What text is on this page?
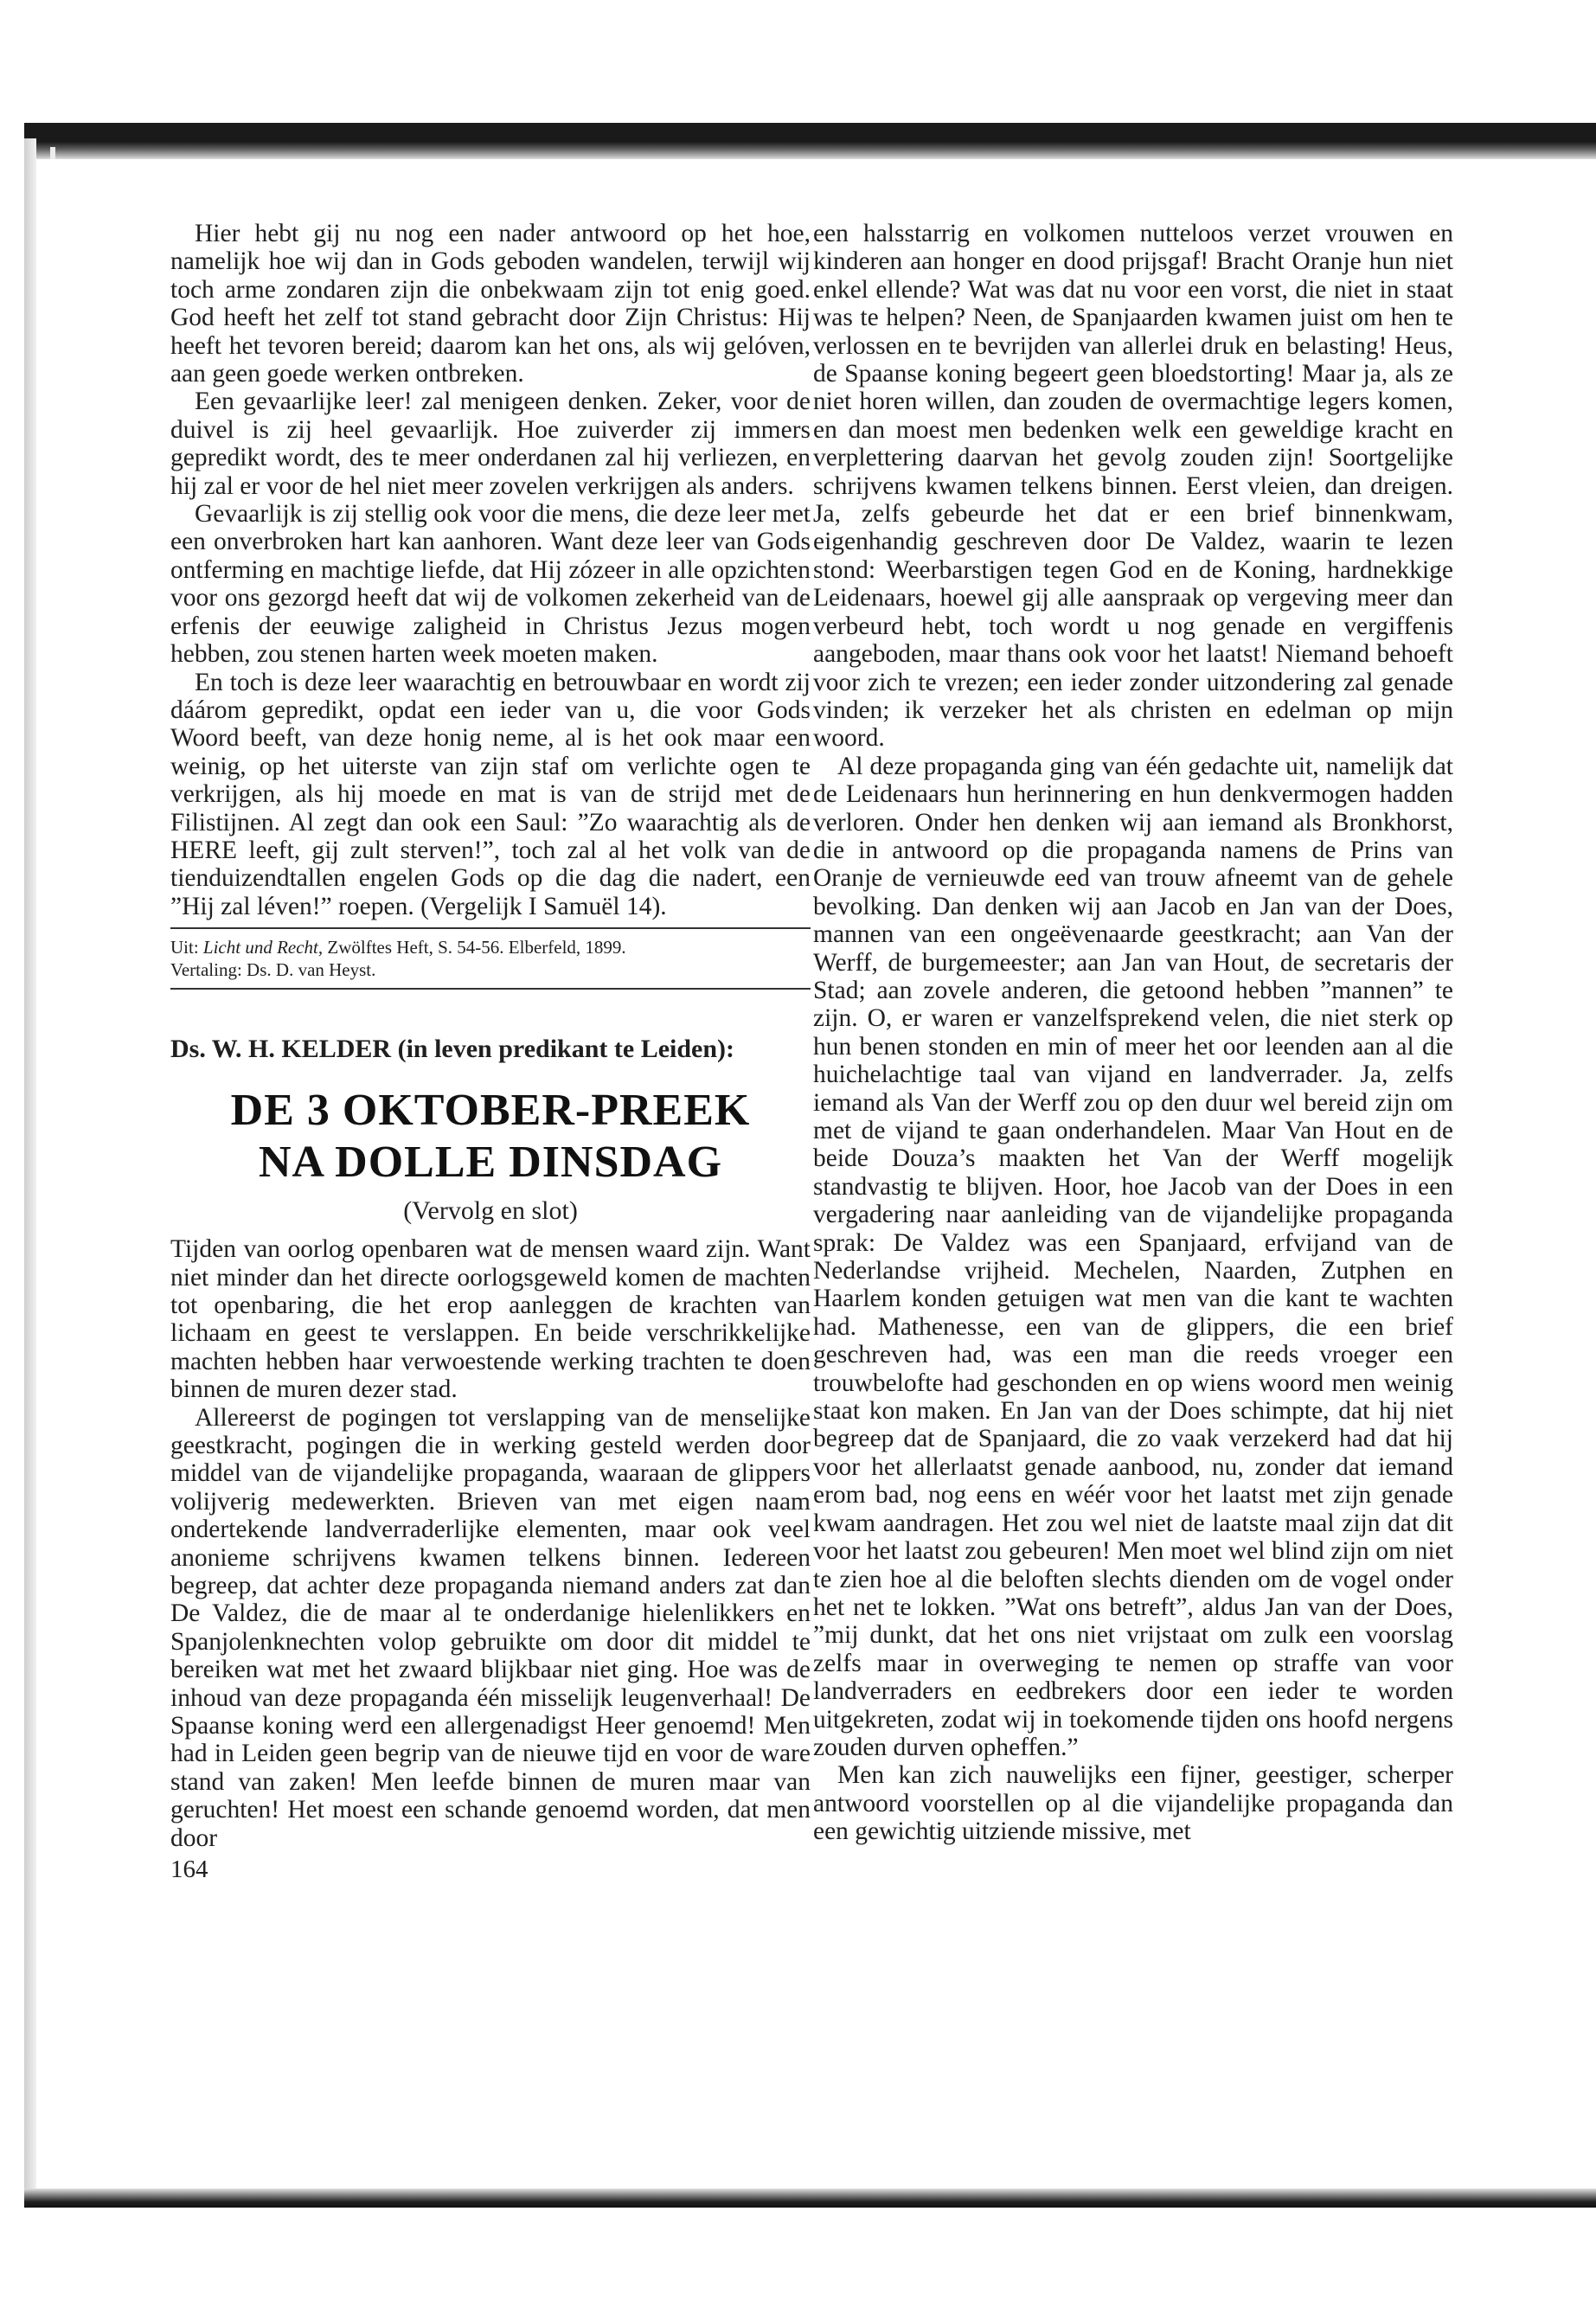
Hier hebt gij nu nog een nader antwoord op het hoe, namelijk hoe wij dan in Gods geboden wandelen, terwijl wij toch arme zondaren zijn die onbekwaam zijn tot enig goed. God heeft het zelf tot stand gebracht door Zijn Christus: Hij heeft het tevoren bereid; daarom kan het ons, als wij gelóven, aan geen goede werken ontbreken.

Een gevaarlijke leer! zal menigeen denken. Zeker, voor de duivel is zij heel gevaarlijk. Hoe zuiverder zij immers gepredikt wordt, des te meer onderdanen zal hij verliezen, en hij zal er voor de hel niet meer zovelen verkrijgen als anders.

Gevaarlijk is zij stellig ook voor die mens, die deze leer met een onverbroken hart kan aanhoren. Want deze leer van Gods ontferming en machtige liefde, dat Hij zózeer in alle opzichten voor ons gezorgd heeft dat wij de volkomen zekerheid van de erfenis der eeuwige zaligheid in Christus Jezus mogen hebben, zou stenen harten week moeten maken.

En toch is deze leer waarachtig en betrouwbaar en wordt zij dáárom gepredikt, opdat een ieder van u, die voor Gods Woord beeft, van deze honig neme, al is het ook maar een weinig, op het uiterste van zijn staf om verlichte ogen te verkrijgen, als hij moede en mat is van de strijd met de Filistijnen. Al zegt dan ook een Saul: ”Zo waarachtig als de HERE leeft, gij zult sterven!”, toch zal al het volk van de tienduizendtallen engelen Gods op die dag die nadert, een ”Hij zal léven!” roepen. (Vergelijk I Samuël 14).

Uit: Licht und Recht, Zwölftes Heft, S. 54-56. Elberfeld, 1899.
Vertaling: Ds. D. van Heyst.
Ds. W. H. KELDER (in leven predikant te Leiden):
DE 3 OKTOBER-PREEK
NA DOLLE DINSDAG
(Vervolg en slot)

Tijden van oorlog openbaren wat de mensen waard zijn. Want niet minder dan het directe oorlogsgeweld komen de machten tot openbaring, die het erop aanleggen de krachten van lichaam en geest te verslappen. En beide verschrikkelijke machten hebben haar verwoestende werking trachten te doen binnen de muren dezer stad.

Allereerst de pogingen tot verslapping van de menselijke geestkracht, pogingen die in werking gesteld werden door middel van de vijandelijke propaganda, waaraan de glippers volijverig medewerkten. Brieven van met eigen naam ondertekende landverraderlijke elementen, maar ook veel anonieme schrijvens kwamen telkens binnen. Iedereen begreep, dat achter deze propaganda niemand anders zat dan De Valdez, die de maar al te onderdanige hielenlikkers en Spanjolenknechten volop gebruikte om door dit middel te bereiken wat met het zwaard blijkbaar niet ging. Hoe was de inhoud van deze propaganda één misselijk leugenverhaal! De Spaanse koning werd een allergenadigst Heer genoemd! Men had in Leiden geen begrip van de nieuwe tijd en voor de ware stand van zaken! Men leefde binnen de muren maar van geruchten! Het moest een schande genoemd worden, dat men door

164

een halsstarrig en volkomen nutteloos verzet vrouwen en kinderen aan honger en dood prijsgaf! Bracht Oranje hun niet enkel ellende? Wat was dat nu voor een vorst, die niet in staat was te helpen? Neen, de Spanjaarden kwamen juist om hen te verlossen en te bevrijden van allerlei druk en belasting! Heus, de Spaanse koning begeert geen bloedstorting! Maar ja, als ze niet horen willen, dan zouden de overmachtige legers komen, en dan moest men bedenken welk een geweldige kracht en verplettering daarvan het gevolg zouden zijn! Soortgelijke schrijvens kwamen telkens binnen. Eerst vleien, dan dreigen. Ja, zelfs gebeurde het dat er een brief binnenkwam, eigenhandig geschreven door De Valdez, waarin te lezen stond: Weerbarstigen tegen God en de Koning, hardnekkige Leidenaars, hoewel gij alle aanspraak op vergeving meer dan verbeurd hebt, toch wordt u nog genade en vergiffenis aangeboden, maar thans ook voor het laatst! Niemand behoeft voor zich te vrezen; een ieder zonder uitzondering zal genade vinden; ik verzeker het als christen en edelman op mijn woord.

Al deze propaganda ging van één gedachte uit, namelijk dat de Leidenaars hun herinnering en hun denkvermogen hadden verloren. Onder hen denken wij aan iemand als Bronkhorst, die in antwoord op die propaganda namens de Prins van Oranje de vernieuwde eed van trouw afneemt van de gehele bevolking. Dan denken wij aan Jacob en Jan van der Does, mannen van een ongeëvenaarde geestkracht; aan Van der Werff, de burgemeester; aan Jan van Hout, de secretaris der Stad; aan zovele anderen, die getoond hebben ”mannen” te zijn. O, er waren er vanzelfsprekend velen, die niet sterk op hun benen stonden en min of meer het oor leenden aan al die huichelachtige taal van vijand en landverrader. Ja, zelfs iemand als Van der Werff zou op den duur wel bereid zijn om met de vijand te gaan onderhandelen. Maar Van Hout en de beide Douza’s maakten het Van der Werff mogelijk standvastig te blijven. Hoor, hoe Jacob van der Does in een vergadering naar aanleiding van de vijandelijke propaganda sprak: De Valdez was een Spanjaard, erfvijand van de Nederlandse vrijheid. Mechelen, Naarden, Zutphen en Haarlem konden getuigen wat men van die kant te wachten had. Mathenesse, een van de glippers, die een brief geschreven had, was een man die reeds vroeger een trouwbelofte had geschonden en op wiens woord men weinig staat kon maken. En Jan van der Does schimpte, dat hij niet begreep dat de Spanjaard, die zo vaak verzekerd had dat hij voor het allerlaatst genade aanbood, nu, zonder dat iemand erom bad, nog eens en wéér voor het laatst met zijn genade kwam aandragen. Het zou wel niet de laatste maal zijn dat dit voor het laatst zou gebeuren! Men moet wel blind zijn om niet te zien hoe al die beloften slechts dienden om de vogel onder het net te lokken. ”Wat ons betreft”, aldus Jan van der Does, ”mij dunkt, dat het ons niet vrijstaat om zulk een voorslag zelfs maar in overweging te nemen op straffe van voor landverraders en eedbrekers door een ieder te worden uitgekreten, zodat wij in toekomende tijden ons hoofd nergens zouden durven opheffen.”

Men kan zich nauwelijks een fijner, geestiger, scherper antwoord voorstellen op al die vijandelijke propaganda dan een gewichtig uitziende missive, met
